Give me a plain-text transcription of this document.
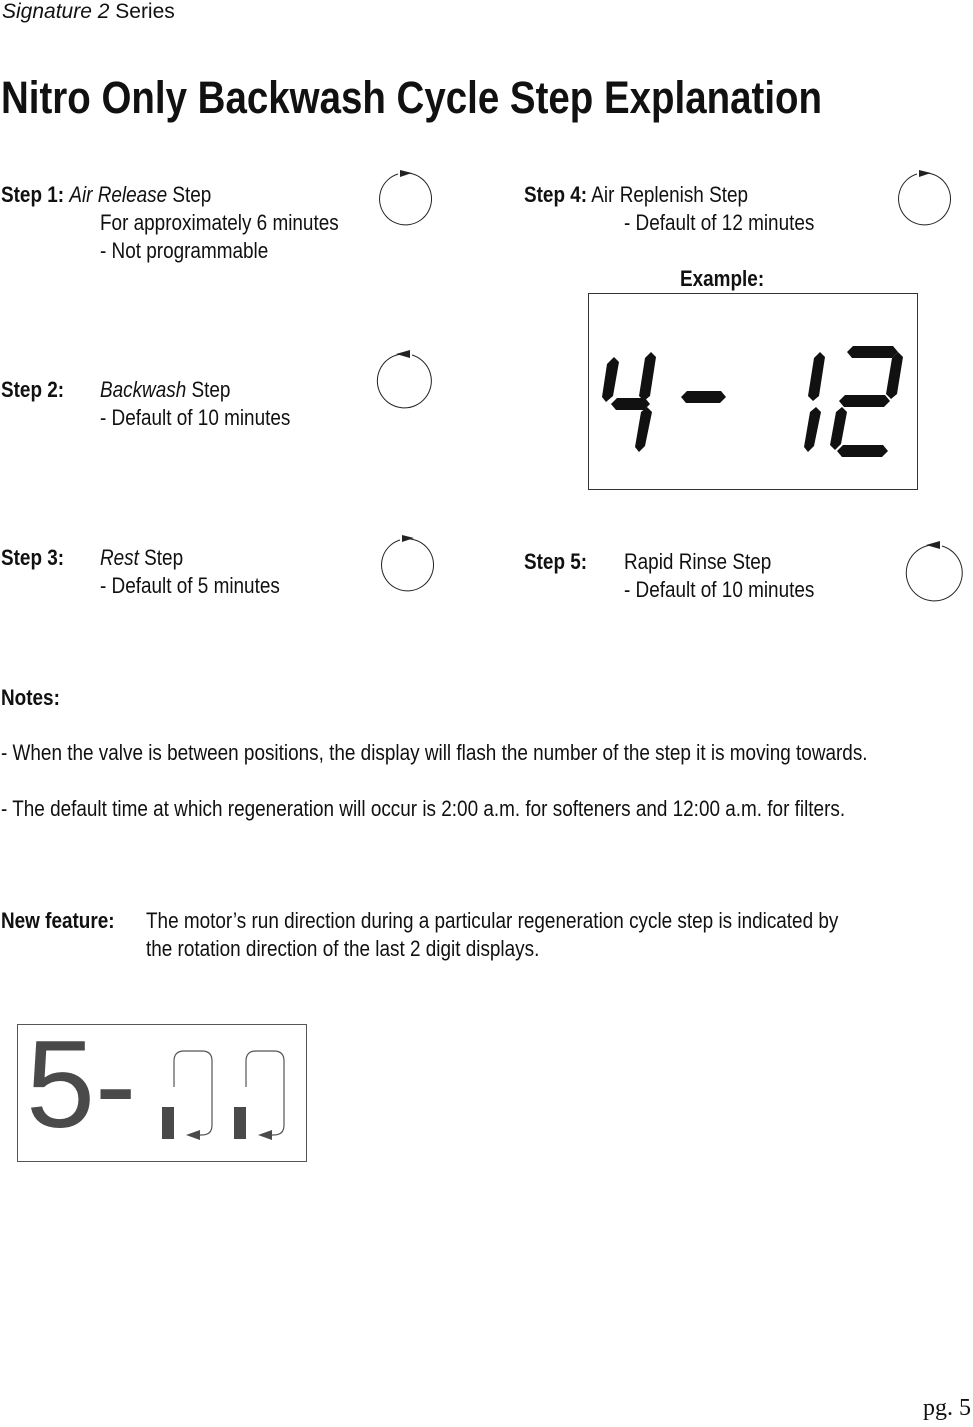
Signature 2 Series
Nitro Only Backwash Cycle Step Explanation
Step 1: Air Release Step
For approximately 6 minutes
- Not programmable
Step 2: Backwash Step
- Default of 10 minutes
Step 3: Rest Step
- Default of 5 minutes
Step 4: Air Replenish Step
- Default of 12 minutes
Example:
Step 5: Rapid Rinse Step
- Default of 10 minutes
Notes:
- When the valve is between positions, the display will flash the number of the step it is moving towards.
- The default time at which regeneration will occur is 2:00 a.m. for softeners and 12:00 a.m. for filters.
New feature: The motor’s run direction during a particular regeneration cycle step is indicated by
the rotation direction of the last 2 digit displays.
5-
pg. 5
